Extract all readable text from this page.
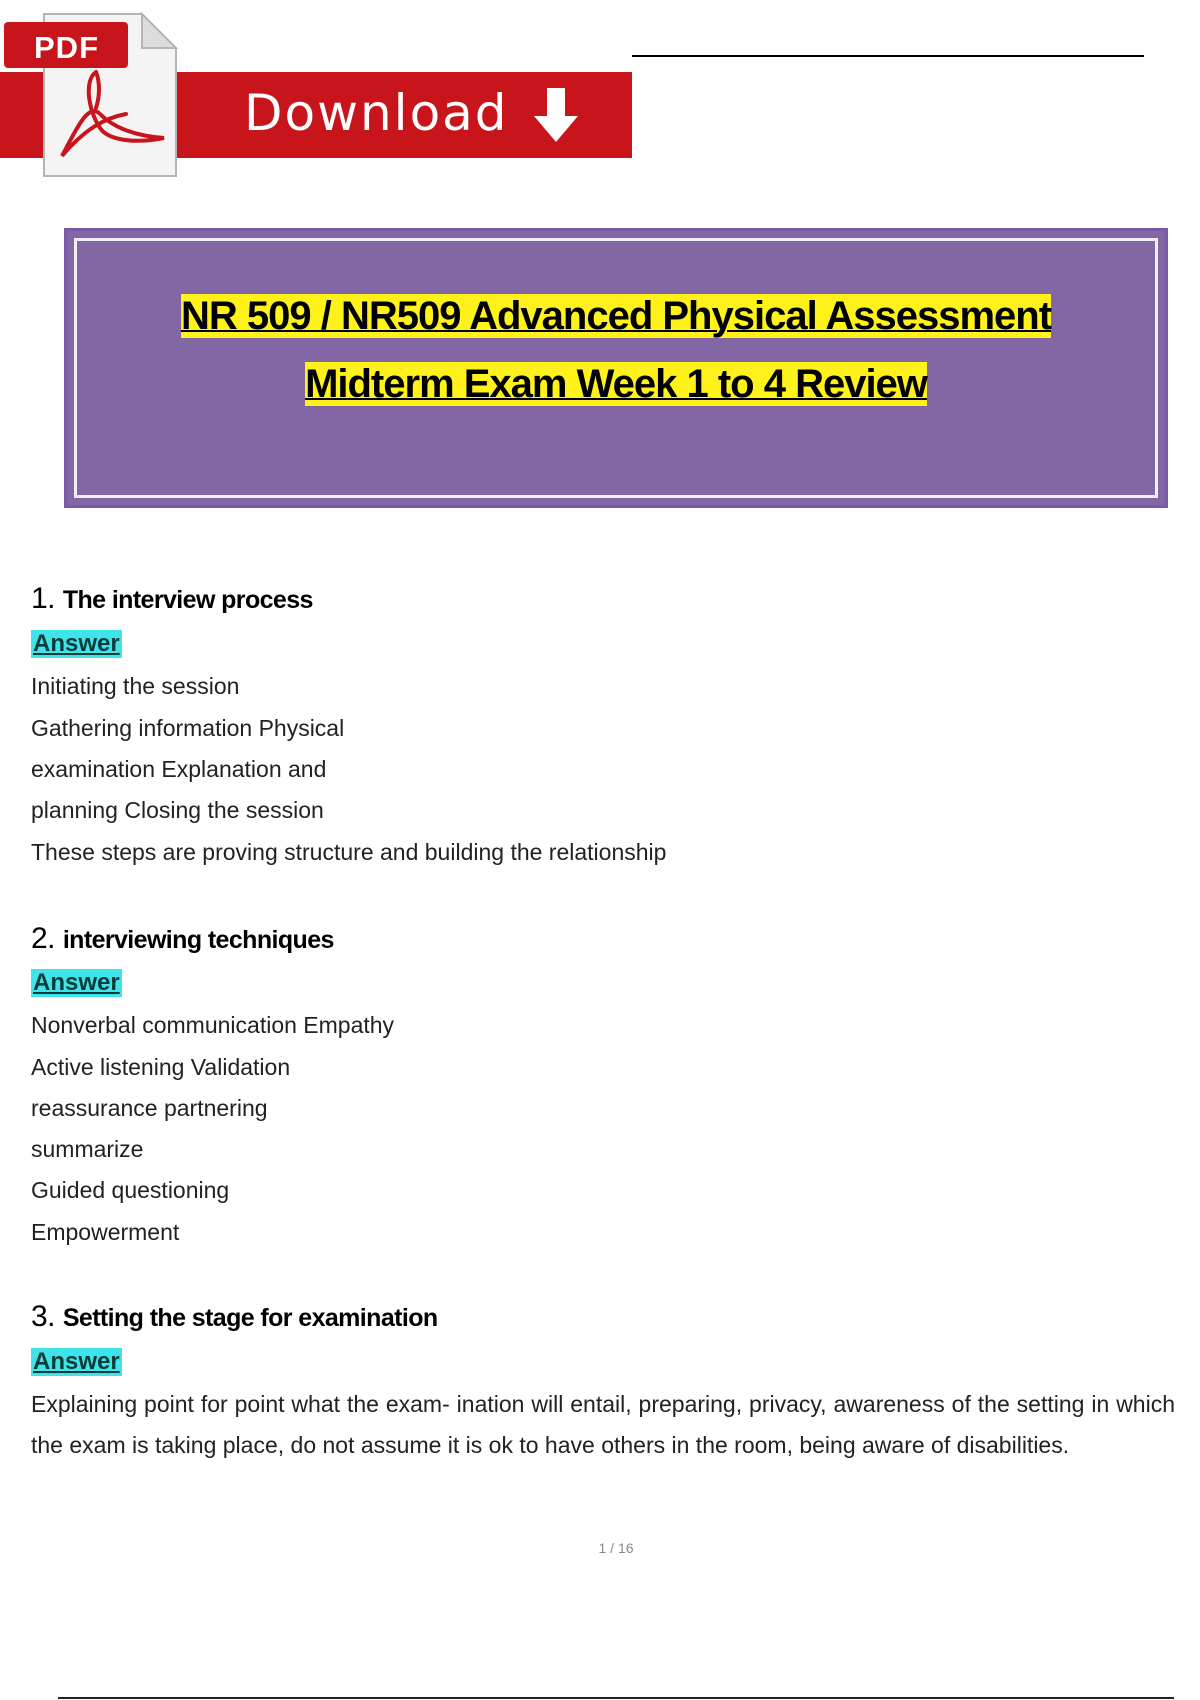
Download
PDF
NR 509 / NR509 Advanced Physical Assessment
Midterm Exam Week 1 to 4 Review
1. The interview process
Answer
Initiating the session
Gathering information Physical
examination Explanation and
planning Closing the session
These steps are proving structure and building the relationship
2. interviewing techniques
Answer
Nonverbal communication Empathy
Active listening Validation
reassurance partnering
summarize
Guided questioning
Empowerment
3. Setting the stage for examination
Answer
Explaining point for point what the exam- ination will entail, preparing, privacy, awareness of the setting in which the exam is taking place, do not assume it is ok to have others in the room, being aware of disabilities.
1 / 16
